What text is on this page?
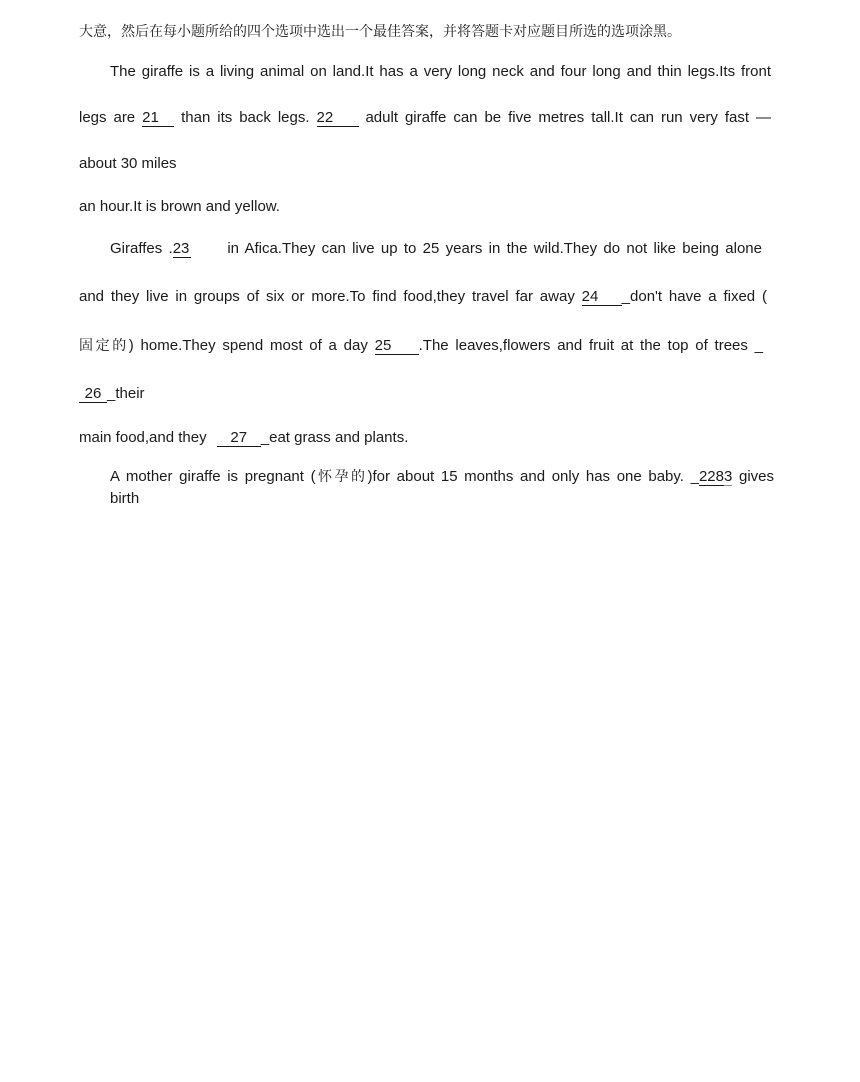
大意，然后在每小题所给的四个选项中选出一个最佳答案，并将答题卡对应题目所选的选项涂黑。
The giraffe is a living animal on land.It has a very long neck and four long and thin legs.Its front
legs are 21 than its back legs. 22 adult giraffe can be five metres tall.It can run very fast —
about 30 miles
an hour.It is brown and yellow.
Giraffes .23	in Afica.They can live up to 25 years in the wild.They do not like being alone
and they live in groups of six or more.To find food,they travel far away 24 _don't have a fixed (
固定的) home.They spend most of a day 25 .The leaves,flowers and fruit at the top of trees _
26 _their
main food,and they 27 _eat grass and plants.
A mother giraffe is pregnant (怀孕的)for about 15 months and only has one baby. _2283 gives
birth
